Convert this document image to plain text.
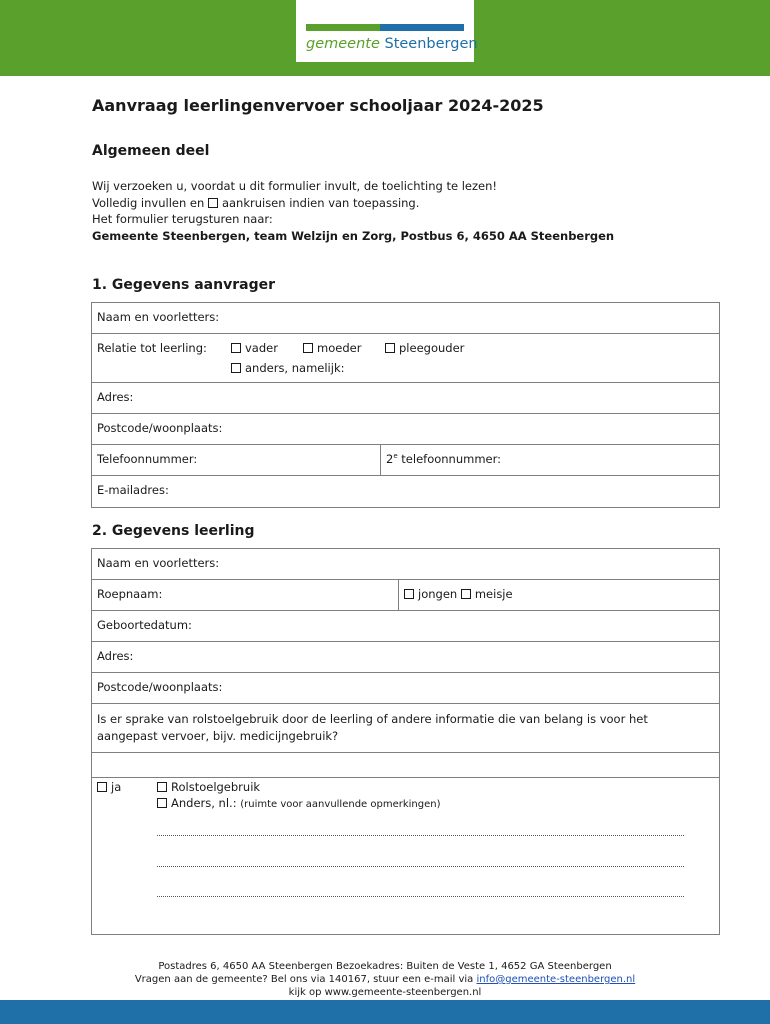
gemeente Steenbergen
Aanvraag leerlingenvervoer schooljaar 2024-2025
Algemeen deel
Wij verzoeken u, voordat u dit formulier invult, de toelichting te lezen!
Volledig invullen en aankruisen indien van toepassing.
Het formulier terugsturen naar:
Gemeente Steenbergen, team Welzijn en Zorg, Postbus 6, 4650 AA Steenbergen
1. Gegevens aanvrager
Naam en voorletters:
Relatie tot leerling:	vader	moeder	pleegouder
anders, namelijk:
Adres:
Postcode/woonplaats:
Telefoonnummer:	2e telefoonnummer:
E-mailadres:
2. Gegevens leerling
Naam en voorletters:
Roepnaam:	jongen meisje
Geboortedatum:
Adres:
Postcode/woonplaats:
Is er sprake van rolstoelgebruik door de leerling of andere informatie die van belang is voor het
aangepast vervoer, bijv. medicijngebruik?
ja	Rolstoelgebruik
Anders, nl.: (ruimte voor aanvullende opmerkingen)
Postadres 6, 4650 AA Steenbergen Bezoekadres: Buiten de Veste 1, 4652 GA Steenbergen
Vragen aan de gemeente? Bel ons via 140167, stuur een e-mail via info@gemeente-steenbergen.nl
kijk op www.gemeente-steenbergen.nl
